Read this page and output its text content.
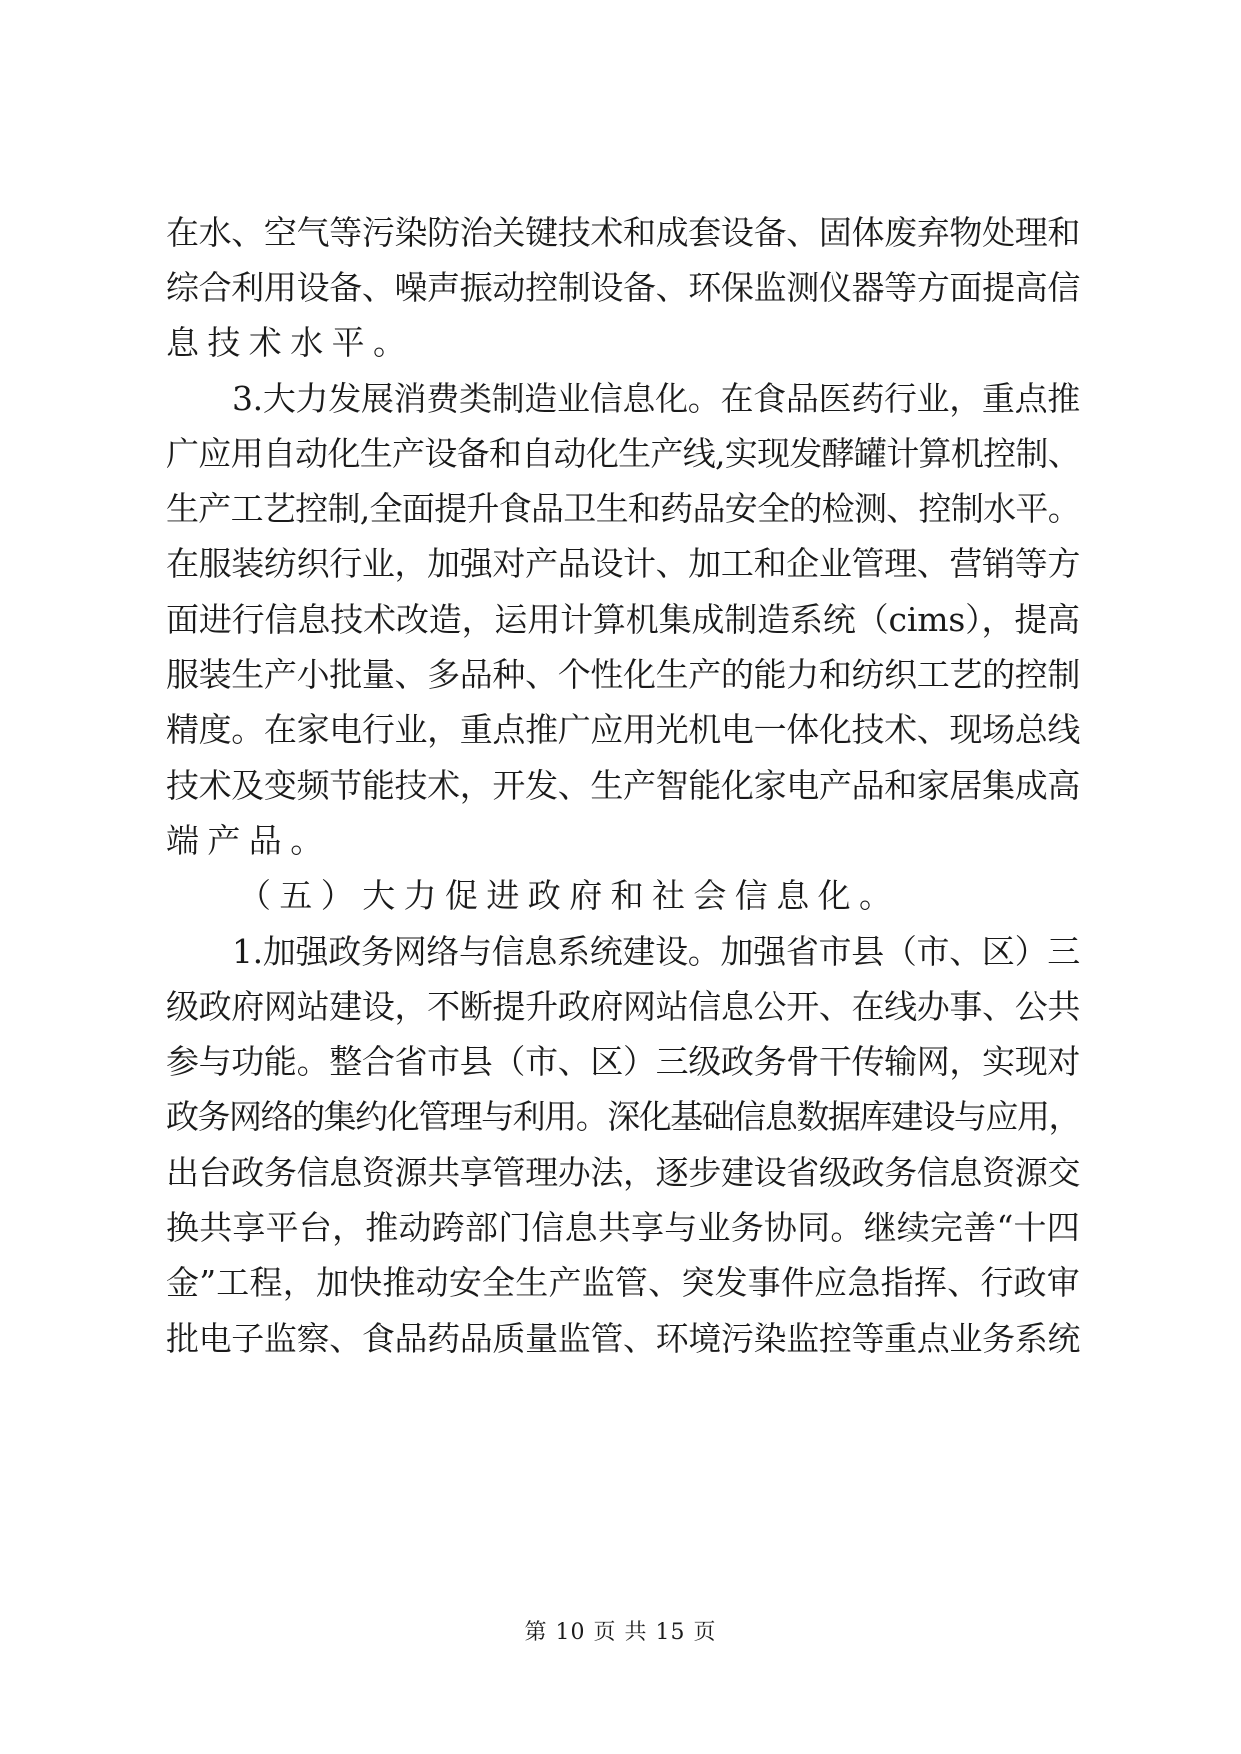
在水、空气等污染防治关键技术和成套设备、固体废弃物处理和
综合利用设备、噪声振动控制设备、环保监测仪器等方面提高信
息技术水平。
3.大力发展消费类制造业信息化。在食品医药行业，重点推
广应用自动化生产设备和自动化生产线,实现发酵罐计算机控制、
生产工艺控制,全面提升食品卫生和药品安全的检测、控制水平。
在服装纺织行业，加强对产品设计、加工和企业管理、营销等方
面进行信息技术改造，运用计算机集成制造系统（cims），提高
服装生产小批量、多品种、个性化生产的能力和纺织工艺的控制
精度。在家电行业，重点推广应用光机电一体化技术、现场总线
技术及变频节能技术，开发、生产智能化家电产品和家居集成高
端产品。
（五）大力促进政府和社会信息化。
1.加强政务网络与信息系统建设。加强省市县（市、区）三
级政府网站建设，不断提升政府网站信息公开、在线办事、公共
参与功能。整合省市县（市、区）三级政务骨干传输网，实现对
政务网络的集约化管理与利用。深化基础信息数据库建设与应用，
出台政务信息资源共享管理办法，逐步建设省级政务信息资源交
换共享平台，推动跨部门信息共享与业务协同。继续完善“十四
金”工程，加快推动安全生产监管、突发事件应急指挥、行政审
批电子监察、食品药品质量监管、环境污染监控等重点业务系统
第 10 页 共 15 页
